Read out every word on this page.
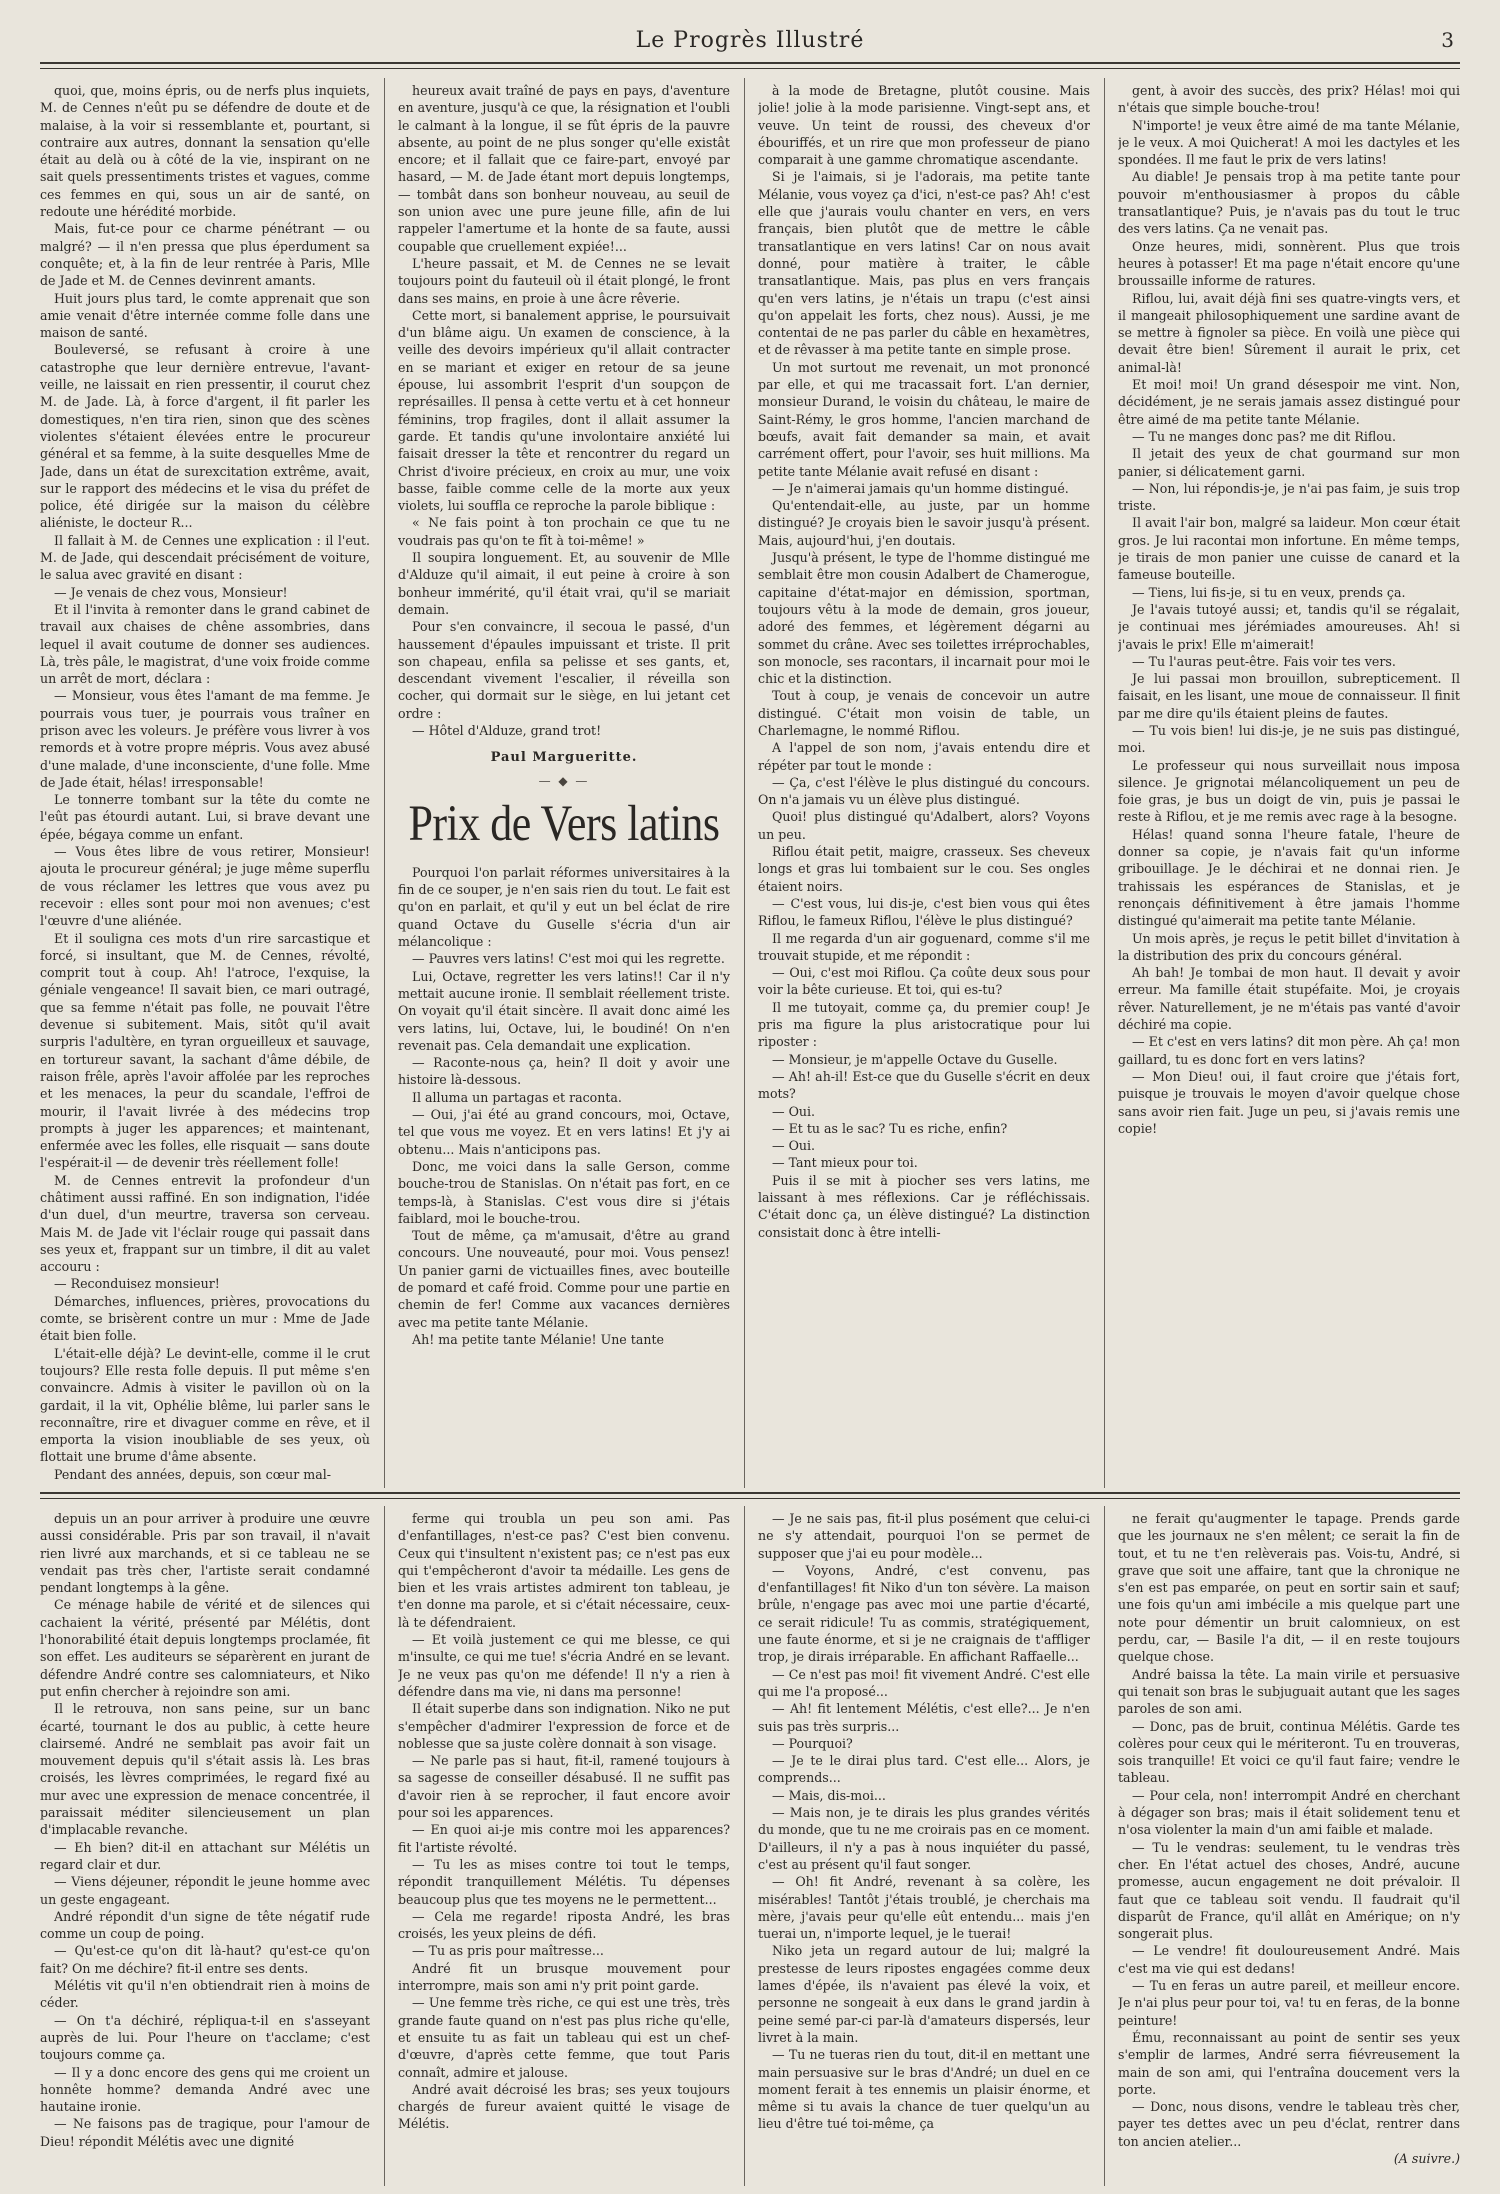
Le Progrès Illustré	3

quoi, que, moins épris, ou de nerfs plus inquiets, M. de Cennes n'eût pu se défendre de doute et de malaise, à la voir si ressemblante et, pourtant, si contraire aux autres, donnant la sensation qu'elle était au delà ou à côté de la vie, inspirant on ne sait quels pressentiments tristes et vagues, comme ces femmes en qui, sous un air de santé, on redoute une hérédité morbide.

Mais, fut-ce pour ce charme pénétrant — ou malgré? — il n'en pressa que plus éperdument sa conquête; et, à la fin de leur rentrée à Paris, Mlle de Jade et M. de Cennes devinrent amants.

Huit jours plus tard, le comte apprenait que son amie venait d'être internée comme folle dans une maison de santé.

Bouleversé, se refusant à croire à une catastrophe que leur dernière entrevue, l'avant-veille, ne laissait en rien pressentir, il courut chez M. de Jade. Là, à force d'argent, il fit parler les domestiques, n'en tira rien, sinon que des scènes violentes s'étaient élevées entre le procureur général et sa femme, à la suite desquelles Mme de Jade, dans un état de surexcitation extrême, avait, sur le rapport des médecins et le visa du préfet de police, été dirigée sur la maison du célèbre aliéniste, le docteur R...

Il fallait à M. de Cennes une explication : il l'eut. M. de Jade, qui descendait précisément de voiture, le salua avec gravité en disant :

— Je venais de chez vous, Monsieur!

Et il l'invita à remonter dans le grand cabinet de travail aux chaises de chêne assombries, dans lequel il avait coutume de donner ses audiences. Là, très pâle, le magistrat, d'une voix froide comme un arrêt de mort, déclara :

— Monsieur, vous êtes l'amant de ma femme. Je pourrais vous tuer, je pourrais vous traîner en prison avec les voleurs. Je préfère vous livrer à vos remords et à votre propre mépris. Vous avez abusé d'une malade, d'une inconsciente, d'une folle. Mme de Jade était, hélas! irresponsable!

Le tonnerre tombant sur la tête du comte ne l'eût pas étourdi autant. Lui, si brave devant une épée, bégaya comme un enfant.

— Vous êtes libre de vous retirer, Monsieur! ajouta le procureur général; je juge même superflu de vous réclamer les lettres que vous avez pu recevoir : elles sont pour moi non avenues; c'est l'œuvre d'une aliénée.

Et il souligna ces mots d'un rire sarcastique et forcé, si insultant, que M. de Cennes, révolté, comprit tout à coup. Ah! l'atroce, l'exquise, la géniale vengeance! Il savait bien, ce mari outragé, que sa femme n'était pas folle, ne pouvait l'être devenue si subitement. Mais, sitôt qu'il avait surpris l'adultère, en tyran orgueilleux et sauvage, en tortureur savant, la sachant d'âme débile, de raison frêle, après l'avoir affolée par les reproches et les menaces, la peur du scandale, l'effroi de mourir, il l'avait livrée à des médecins trop prompts à juger les apparences; et maintenant, enfermée avec les folles, elle risquait — sans doute l'espérait-il — de devenir très réellement folle!

M. de Cennes entrevit la profondeur d'un châtiment aussi raffiné. En son indignation, l'idée d'un duel, d'un meurtre, traversa son cerveau. Mais M. de Jade vit l'éclair rouge qui passait dans ses yeux et, frappant sur un timbre, il dit au valet accouru :

— Reconduisez monsieur!

Démarches, influences, prières, provocations du comte, se brisèrent contre un mur : Mme de Jade était bien folle.

L'était-elle déjà? Le devint-elle, comme il le crut toujours? Elle resta folle depuis. Il put même s'en convaincre. Admis à visiter le pavillon où on la gardait, il la vit, Ophélie blême, lui parler sans le reconnaître, rire et divaguer comme en rêve, et il emporta la vision inoubliable de ses yeux, où flottait une brume d'âme absente.

Pendant des années, depuis, son cœur mal-

heureux avait traîné de pays en pays, d'aventure en aventure, jusqu'à ce que, la résignation et l'oubli le calmant à la longue, il se fût épris de la pauvre absente, au point de ne plus songer qu'elle existât encore; et il fallait que ce faire-part, envoyé par hasard, — M. de Jade étant mort depuis longtemps, — tombât dans son bonheur nouveau, au seuil de son union avec une pure jeune fille, afin de lui rappeler l'amertume et la honte de sa faute, aussi coupable que cruellement expiée!...

L'heure passait, et M. de Cennes ne se levait toujours point du fauteuil où il était plongé, le front dans ses mains, en proie à une âcre rêverie.

Cette mort, si banalement apprise, le poursuivait d'un blâme aigu. Un examen de conscience, à la veille des devoirs impérieux qu'il allait contracter en se mariant et exiger en retour de sa jeune épouse, lui assombrit l'esprit d'un soupçon de représailles. Il pensa à cette vertu et à cet honneur féminins, trop fragiles, dont il allait assumer la garde. Et tandis qu'une involontaire anxiété lui faisait dresser la tête et rencontrer du regard un Christ d'ivoire précieux, en croix au mur, une voix basse, faible comme celle de la morte aux yeux violets, lui souffla ce reproche la parole biblique :

« Ne fais point à ton prochain ce que tu ne voudrais pas qu'on te fît à toi-même! »

Il soupira longuement. Et, au souvenir de Mlle d'Alduze qu'il aimait, il eut peine à croire à son bonheur immérité, qu'il était vrai, qu'il se mariait demain.

Pour s'en convaincre, il secoua le passé, d'un haussement d'épaules impuissant et triste. Il prit son chapeau, enfila sa pelisse et ses gants, et, descendant vivement l'escalier, il réveilla son cocher, qui dormait sur le siège, en lui jetant cet ordre :

— Hôtel d'Alduze, grand trot!

Paul Margueritte.

— ◆ —
Prix de Vers latins

Pourquoi l'on parlait réformes universitaires à la fin de ce souper, je n'en sais rien du tout. Le fait est qu'on en parlait, et qu'il y eut un bel éclat de rire quand Octave du Guselle s'écria d'un air mélancolique :

— Pauvres vers latins! C'est moi qui les regrette.

Lui, Octave, regretter les vers latins!! Car il n'y mettait aucune ironie. Il semblait réellement triste. On voyait qu'il était sincère. Il avait donc aimé les vers latins, lui, Octave, lui, le boudiné! On n'en revenait pas. Cela demandait une explication.

— Raconte-nous ça, hein? Il doit y avoir une histoire là-dessous.

Il alluma un partagas et raconta.

— Oui, j'ai été au grand concours, moi, Octave, tel que vous me voyez. Et en vers latins! Et j'y ai obtenu... Mais n'anticipons pas.

Donc, me voici dans la salle Gerson, comme bouche-trou de Stanislas. On n'était pas fort, en ce temps-là, à Stanislas. C'est vous dire si j'étais faiblard, moi le bouche-trou.

Tout de même, ça m'amusait, d'être au grand concours. Une nouveauté, pour moi. Vous pensez! Un panier garni de victuailles fines, avec bouteille de pomard et café froid. Comme pour une partie en chemin de fer! Comme aux vacances dernières avec ma petite tante Mélanie.

Ah! ma petite tante Mélanie! Une tante

à la mode de Bretagne, plutôt cousine. Mais jolie! jolie à la mode parisienne. Vingt-sept ans, et veuve. Un teint de roussi, des cheveux d'or ébouriffés, et un rire que mon professeur de piano comparait à une gamme chromatique ascendante.

Si je l'aimais, si je l'adorais, ma petite tante Mélanie, vous voyez ça d'ici, n'est-ce pas? Ah! c'est elle que j'aurais voulu chanter en vers, en vers français, bien plutôt que de mettre le câble transatlantique en vers latins! Car on nous avait donné, pour matière à traiter, le câble transatlantique. Mais, pas plus en vers français qu'en vers latins, je n'étais un trapu (c'est ainsi qu'on appelait les forts, chez nous). Aussi, je me contentai de ne pas parler du câble en hexamètres, et de rêvasser à ma petite tante en simple prose.

Un mot surtout me revenait, un mot prononcé par elle, et qui me tracassait fort. L'an dernier, monsieur Durand, le voisin du château, le maire de Saint-Rémy, le gros homme, l'ancien marchand de bœufs, avait fait demander sa main, et avait carrément offert, pour l'avoir, ses huit millions. Ma petite tante Mélanie avait refusé en disant :

— Je n'aimerai jamais qu'un homme distingué.

Qu'entendait-elle, au juste, par un homme distingué? Je croyais bien le savoir jusqu'à présent. Mais, aujourd'hui, j'en doutais.

Jusqu'à présent, le type de l'homme distingué me semblait être mon cousin Adalbert de Chamerogue, capitaine d'état-major en démission, sportman, toujours vêtu à la mode de demain, gros joueur, adoré des femmes, et légèrement dégarni au sommet du crâne. Avec ses toilettes irréprochables, son monocle, ses racontars, il incarnait pour moi le chic et la distinction.

Tout à coup, je venais de concevoir un autre distingué. C'était mon voisin de table, un Charlemagne, le nommé Riflou.

A l'appel de son nom, j'avais entendu dire et répéter par tout le monde :

— Ça, c'est l'élève le plus distingué du concours. On n'a jamais vu un élève plus distingué.

Quoi! plus distingué qu'Adalbert, alors? Voyons un peu.

Riflou était petit, maigre, crasseux. Ses cheveux longs et gras lui tombaient sur le cou. Ses ongles étaient noirs.

— C'est vous, lui dis-je, c'est bien vous qui êtes Riflou, le fameux Riflou, l'élève le plus distingué?

Il me regarda d'un air goguenard, comme s'il me trouvait stupide, et me répondit :

— Oui, c'est moi Riflou. Ça coûte deux sous pour voir la bête curieuse. Et toi, qui es-tu?

Il me tutoyait, comme ça, du premier coup! Je pris ma figure la plus aristocratique pour lui riposter :

— Monsieur, je m'appelle Octave du Guselle.

— Ah! ah-il! Est-ce que du Guselle s'écrit en deux mots?

— Oui.

— Et tu as le sac? Tu es riche, enfin?

— Oui.

— Tant mieux pour toi.

Puis il se mit à piocher ses vers latins, me laissant à mes réflexions. Car je réfléchissais. C'était donc ça, un élève distingué? La distinction consistait donc à être intelli-

gent, à avoir des succès, des prix? Hélas! moi qui n'étais que simple bouche-trou!

N'importe! je veux être aimé de ma tante Mélanie, je le veux. A moi Quicherat! A moi les dactyles et les spondées. Il me faut le prix de vers latins!

Au diable! Je pensais trop à ma petite tante pour pouvoir m'enthousiasmer à propos du câble transatlantique? Puis, je n'avais pas du tout le truc des vers latins. Ça ne venait pas.

Onze heures, midi, sonnèrent. Plus que trois heures à potasser! Et ma page n'était encore qu'une broussaille informe de ratures.

Riflou, lui, avait déjà fini ses quatre-vingts vers, et il mangeait philosophiquement une sardine avant de se mettre à fignoler sa pièce. En voilà une pièce qui devait être bien! Sûrement il aurait le prix, cet animal-là!

Et moi! moi! Un grand désespoir me vint. Non, décidément, je ne serais jamais assez distingué pour être aimé de ma petite tante Mélanie.

— Tu ne manges donc pas? me dit Riflou.

Il jetait des yeux de chat gourmand sur mon panier, si délicatement garni.

— Non, lui répondis-je, je n'ai pas faim, je suis trop triste.

Il avait l'air bon, malgré sa laideur. Mon cœur était gros. Je lui racontai mon infortune. En même temps, je tirais de mon panier une cuisse de canard et la fameuse bouteille.

— Tiens, lui fis-je, si tu en veux, prends ça.

Je l'avais tutoyé aussi; et, tandis qu'il se régalait, je continuai mes jérémiades amoureuses. Ah! si j'avais le prix! Elle m'aimerait!

— Tu l'auras peut-être. Fais voir tes vers.

Je lui passai mon brouillon, subrepticement. Il faisait, en les lisant, une moue de connaisseur. Il finit par me dire qu'ils étaient pleins de fautes.

— Tu vois bien! lui dis-je, je ne suis pas distingué, moi.

Le professeur qui nous surveillait nous imposa silence. Je grignotai mélancoliquement un peu de foie gras, je bus un doigt de vin, puis je passai le reste à Riflou, et je me remis avec rage à la besogne.

Hélas! quand sonna l'heure fatale, l'heure de donner sa copie, je n'avais fait qu'un informe gribouillage. Je le déchirai et ne donnai rien. Je trahissais les espérances de Stanislas, et je renonçais définitivement à être jamais l'homme distingué qu'aimerait ma petite tante Mélanie.

Un mois après, je reçus le petit billet d'invitation à la distribution des prix du concours général.

Ah bah! Je tombai de mon haut. Il devait y avoir erreur. Ma famille était stupéfaite. Moi, je croyais rêver. Naturellement, je ne m'étais pas vanté d'avoir déchiré ma copie.

— Et c'est en vers latins? dit mon père. Ah ça! mon gaillard, tu es donc fort en vers latins?

— Mon Dieu! oui, il faut croire que j'étais fort, puisque je trouvais le moyen d'avoir quelque chose sans avoir rien fait. Juge un peu, si j'avais remis une copie!

depuis un an pour arriver à produire une œuvre aussi considérable. Pris par son travail, il n'avait rien livré aux marchands, et si ce tableau ne se vendait pas très cher, l'artiste serait condamné pendant longtemps à la gêne.

Ce ménage habile de vérité et de silences qui cachaient la vérité, présenté par Mélétis, dont l'honorabilité était depuis longtemps proclamée, fit son effet. Les auditeurs se séparèrent en jurant de défendre André contre ses calomniateurs, et Niko put enfin chercher à rejoindre son ami.

Il le retrouva, non sans peine, sur un banc écarté, tournant le dos au public, à cette heure clairsemé. André ne semblait pas avoir fait un mouvement depuis qu'il s'était assis là. Les bras croisés, les lèvres comprimées, le regard fixé au mur avec une expression de menace concentrée, il paraissait méditer silencieusement un plan d'implacable revanche.

— Eh bien? dit-il en attachant sur Mélétis un regard clair et dur.

— Viens déjeuner, répondit le jeune homme avec un geste engageant.

André répondit d'un signe de tête négatif rude comme un coup de poing.

— Qu'est-ce qu'on dit là-haut? qu'est-ce qu'on fait? On me déchire? fit-il entre ses dents.

Mélétis vit qu'il n'en obtiendrait rien à moins de céder.

— On t'a déchiré, répliqua-t-il en s'asseyant auprès de lui. Pour l'heure on t'acclame; c'est toujours comme ça.

— Il y a donc encore des gens qui me croient un honnête homme? demanda André avec une hautaine ironie.

— Ne faisons pas de tragique, pour l'amour de Dieu! répondit Mélétis avec une dignité

ferme qui troubla un peu son ami. Pas d'enfantillages, n'est-ce pas? C'est bien convenu. Ceux qui t'insultent n'existent pas; ce n'est pas eux qui t'empêcheront d'avoir ta médaille. Les gens de bien et les vrais artistes admirent ton tableau, je t'en donne ma parole, et si c'était nécessaire, ceux-là te défendraient.

— Et voilà justement ce qui me blesse, ce qui m'insulte, ce qui me tue! s'écria André en se levant. Je ne veux pas qu'on me défende! Il n'y a rien à défendre dans ma vie, ni dans ma personne!

Il était superbe dans son indignation. Niko ne put s'empêcher d'admirer l'expression de force et de noblesse que sa juste colère donnait à son visage.

— Ne parle pas si haut, fit-il, ramené toujours à sa sagesse de conseiller désabusé. Il ne suffit pas d'avoir rien à se reprocher, il faut encore avoir pour soi les apparences.

— En quoi ai-je mis contre moi les apparences? fit l'artiste révolté.

— Tu les as mises contre toi tout le temps, répondit tranquillement Mélétis. Tu dépenses beaucoup plus que tes moyens ne le permettent...

— Cela me regarde! riposta André, les bras croisés, les yeux pleins de défi.

— Tu as pris pour maîtresse...

André fit un brusque mouvement pour interrompre, mais son ami n'y prit point garde.

— Une femme très riche, ce qui est une très, très grande faute quand on n'est pas plus riche qu'elle, et ensuite tu as fait un tableau qui est un chef-d'œuvre, d'après cette femme, que tout Paris connaît, admire et jalouse.

André avait décroisé les bras; ses yeux toujours chargés de fureur avaient quitté le visage de Mélétis.

— Je ne sais pas, fit-il plus posément que celui-ci ne s'y attendait, pourquoi l'on se permet de supposer que j'ai eu pour modèle...

— Voyons, André, c'est convenu, pas d'enfantillages! fit Niko d'un ton sévère. La maison brûle, n'engage pas avec moi une partie d'écarté, ce serait ridicule! Tu as commis, stratégiquement, une faute énorme, et si je ne craignais de t'affliger trop, je dirais irréparable. En affichant Raffaelle...

— Ce n'est pas moi! fit vivement André. C'est elle qui me l'a proposé...

— Ah! fit lentement Mélétis, c'est elle?... Je n'en suis pas très surpris...

— Pourquoi?

— Je te le dirai plus tard. C'est elle... Alors, je comprends...

— Mais, dis-moi...

— Mais non, je te dirais les plus grandes vérités du monde, que tu ne me croirais pas en ce moment. D'ailleurs, il n'y a pas à nous inquiéter du passé, c'est au présent qu'il faut songer.

— Oh! fit André, revenant à sa colère, les misérables! Tantôt j'étais troublé, je cherchais ma mère, j'avais peur qu'elle eût entendu... mais j'en tuerai un, n'importe lequel, je le tuerai!

Niko jeta un regard autour de lui; malgré la prestesse de leurs ripostes engagées comme deux lames d'épée, ils n'avaient pas élevé la voix, et personne ne songeait à eux dans le grand jardin à peine semé par-ci par-là d'amateurs dispersés, leur livret à la main.

— Tu ne tueras rien du tout, dit-il en mettant une main persuasive sur le bras d'André; un duel en ce moment ferait à tes ennemis un plaisir énorme, et même si tu avais la chance de tuer quelqu'un au lieu d'être tué toi-même, ça

ne ferait qu'augmenter le tapage. Prends garde que les journaux ne s'en mêlent; ce serait la fin de tout, et tu ne t'en relèverais pas. Vois-tu, André, si grave que soit une affaire, tant que la chronique ne s'en est pas emparée, on peut en sortir sain et sauf; une fois qu'un ami imbécile a mis quelque part une note pour démentir un bruit calomnieux, on est perdu, car, — Basile l'a dit, — il en reste toujours quelque chose.

André baissa la tête. La main virile et persuasive qui tenait son bras le subjuguait autant que les sages paroles de son ami.

— Donc, pas de bruit, continua Mélétis. Garde tes colères pour ceux qui le mériteront. Tu en trouveras, sois tranquille! Et voici ce qu'il faut faire; vendre le tableau.

— Pour cela, non! interrompit André en cherchant à dégager son bras; mais il était solidement tenu et n'osa violenter la main d'un ami faible et malade.

— Tu le vendras: seulement, tu le vendras très cher. En l'état actuel des choses, André, aucune promesse, aucun engagement ne doit prévaloir. Il faut que ce tableau soit vendu. Il faudrait qu'il disparût de France, qu'il allât en Amérique; on n'y songerait plus.

— Le vendre! fit douloureusement André. Mais c'est ma vie qui est dedans!

— Tu en feras un autre pareil, et meilleur encore. Je n'ai plus peur pour toi, va! tu en feras, de la bonne peinture!

Ému, reconnaissant au point de sentir ses yeux s'emplir de larmes, André serra fiévreusement la main de son ami, qui l'entraîna doucement vers la porte.

— Donc, nous disons, vendre le tableau très cher, payer tes dettes avec un peu d'éclat, rentrer dans ton ancien atelier...

(A suivre.)
